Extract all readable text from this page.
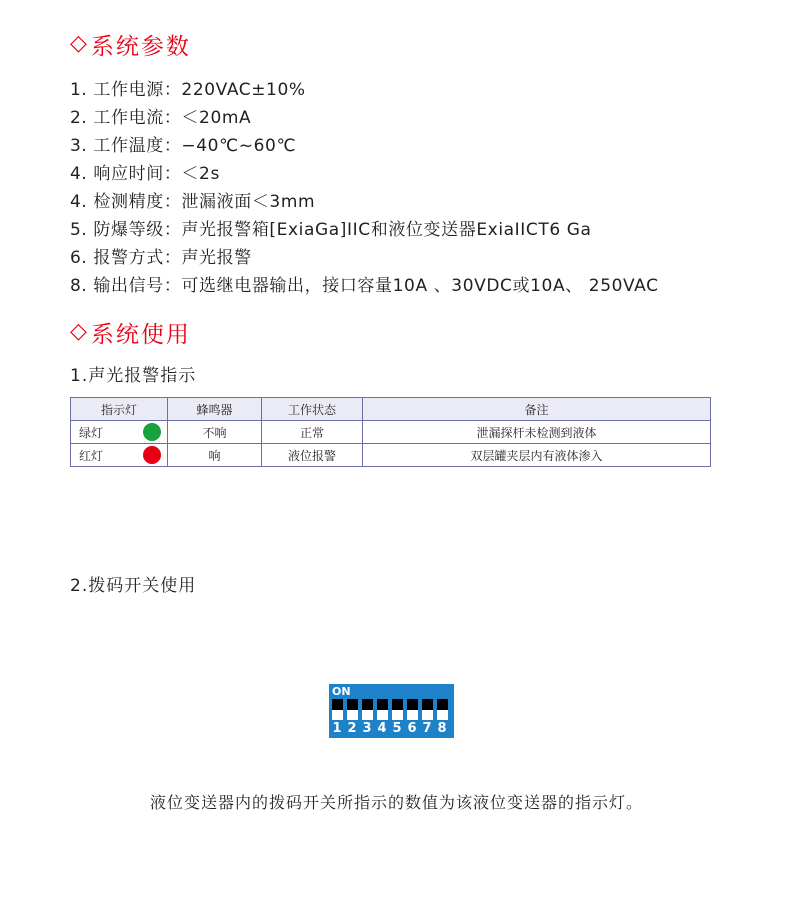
◇ 系统参数
1. 工作电源：220VAC±10%
2. 工作电流：＜20mA
3. 工作温度：−40℃~60℃
4. 响应时间：＜2s
4. 检测精度：泄漏液面＜3mm
5. 防爆等级：声光报警箱[ExiaGa]IIC和液位变送器ExiaIICT6 Ga
6. 报警方式：声光报警
8. 输出信号：可选继电器输出，接口容量10A 、30VDC或10A、 250VAC
◇ 系统使用
1.声光报警指示
指示灯	蜂鸣器	工作状态	备注
绿灯	不响	正常	泄漏探杆未检测到液体
红灯	响	液位报警	双层罐夹层内有液体渗入
2.拨码开关使用
ON
1 2 3 4 5 6 7 8
液位变送器内的拨码开关所指示的数值为该液位变送器的指示灯。
